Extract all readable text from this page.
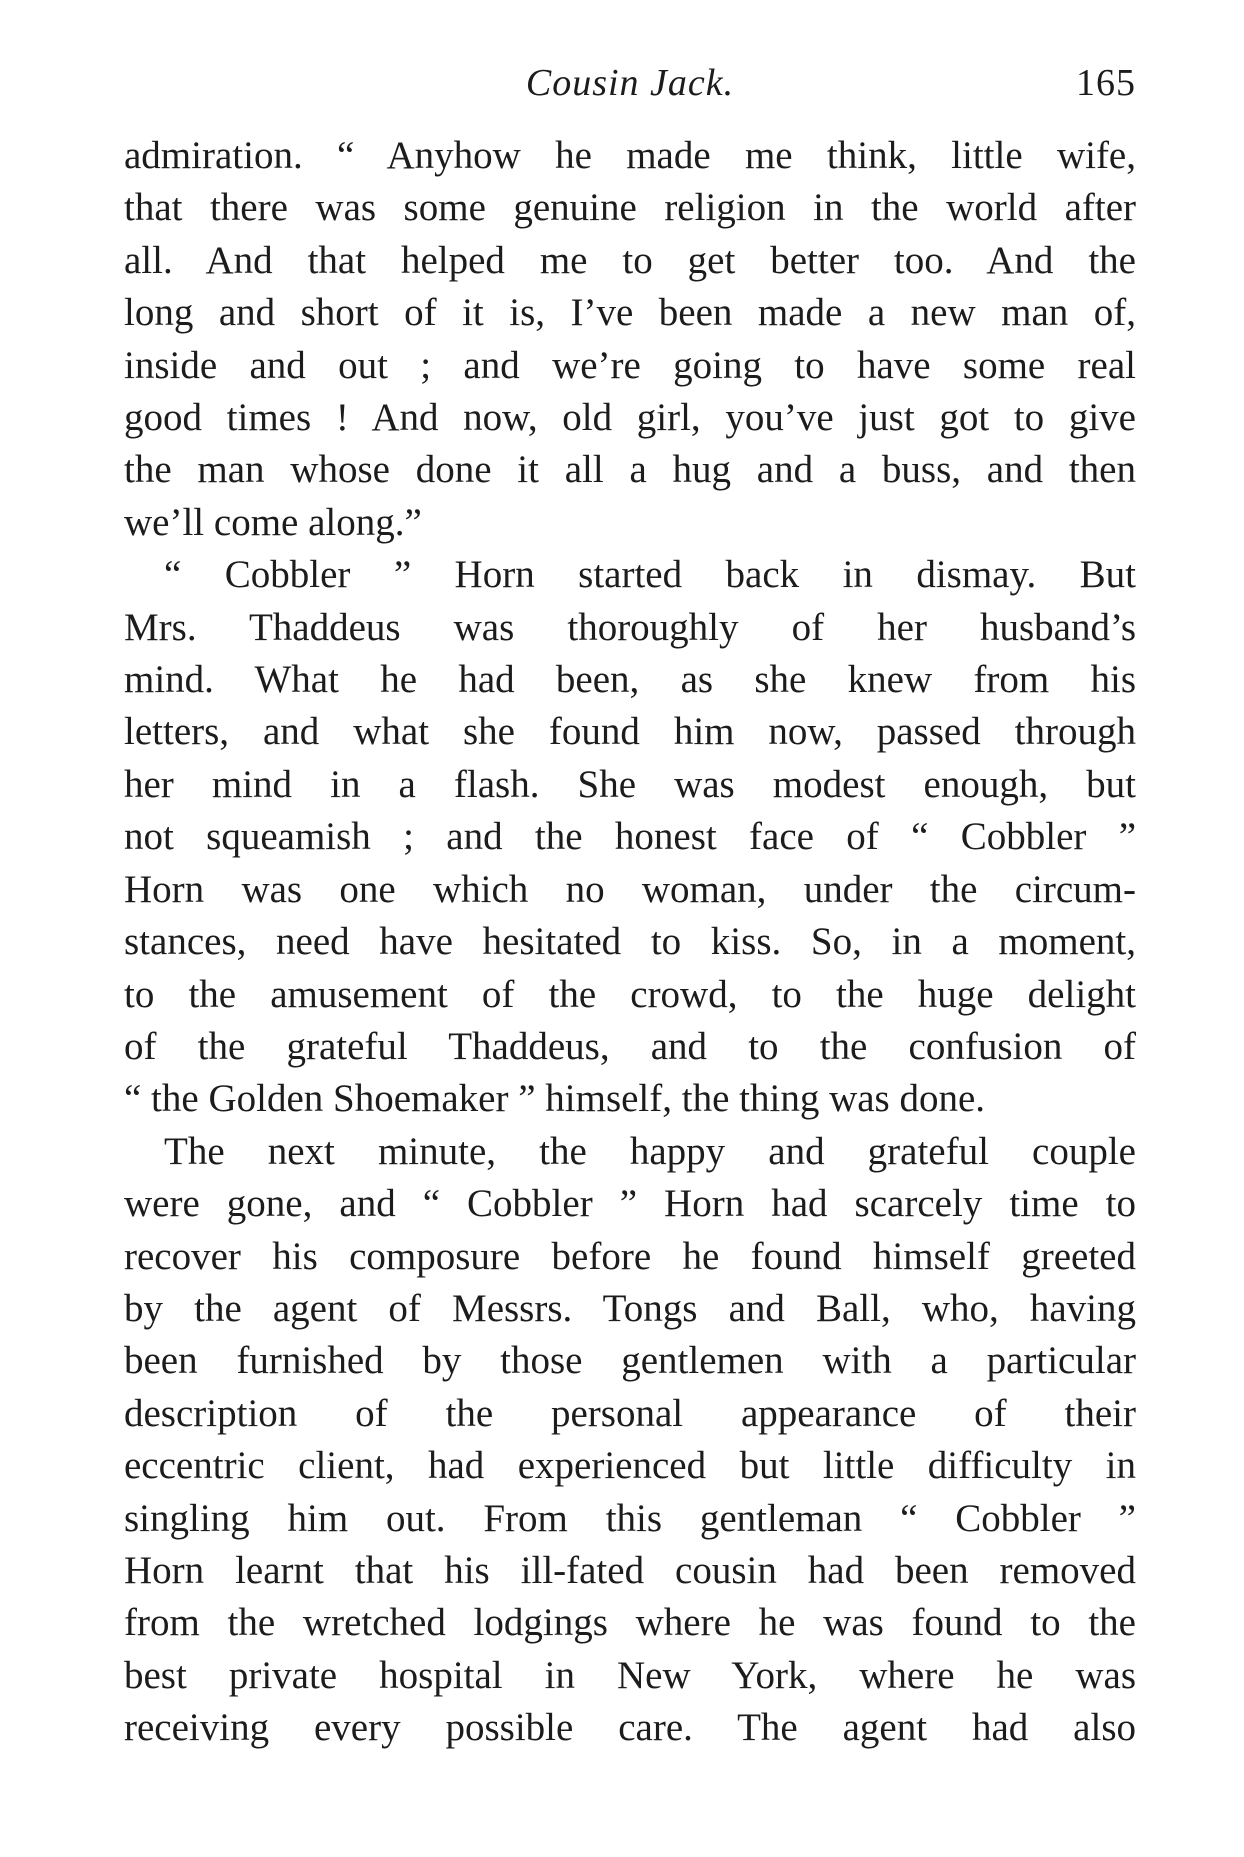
Cousin Jack.	165

admiration. “ Anyhow he made me think, little wife,
that there was some genuine religion in the world after
all. And that helped me to get better too. And the
long and short of it is, I’ve been made a new man of,
inside and out ; and we’re going to have some real
good times ! And now, old girl, you’ve just got to give
the man whose done it all a hug and a buss, and then
we’ll come along.”

“ Cobbler ” Horn started back in dismay. But
Mrs. Thaddeus was thoroughly of her husband’s
mind. What he had been, as she knew from his
letters, and what she found him now, passed through
her mind in a flash. She was modest enough, but
not squeamish ; and the honest face of “ Cobbler ”
Horn was one which no woman, under the circum-
stances, need have hesitated to kiss. So, in a moment,
to the amusement of the crowd, to the huge delight
of the grateful Thaddeus, and to the confusion of
“ the Golden Shoemaker ” himself, the thing was done.

The next minute, the happy and grateful couple
were gone, and “ Cobbler ” Horn had scarcely time to
recover his composure before he found himself greeted
by the agent of Messrs. Tongs and Ball, who, having
been furnished by those gentlemen with a particular
description of the personal appearance of their
eccentric client, had experienced but little difficulty in
singling him out. From this gentleman “ Cobbler ”
Horn learnt that his ill-fated cousin had been removed
from the wretched lodgings where he was found to the
best private hospital in New York, where he was
receiving every possible care. The agent had also
